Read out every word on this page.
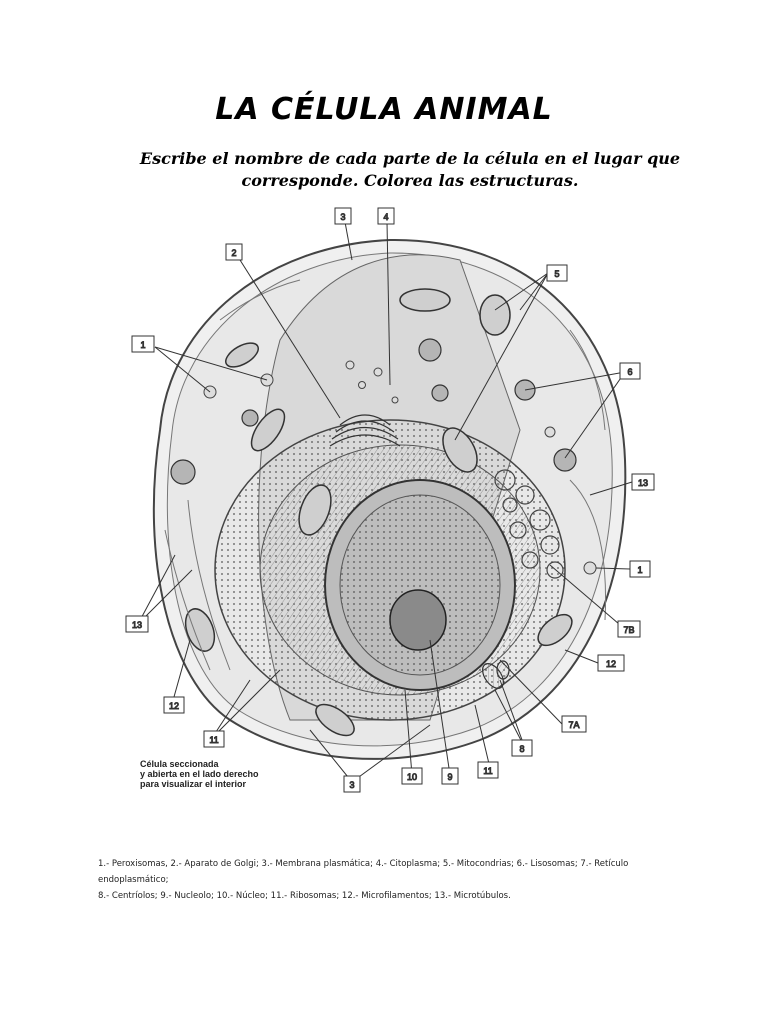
LA CÉLULA ANIMAL
Escribe el nombre de cada parte de la célula en el lugar que corresponde. Colorea las estructuras.
1
2
3	4
5
6
13
1
7B
12
8
7A
11
9
10
3
11
12
13
Célula seccionada
y abierta en el lado derecho
para visualizar el interior
1.- Peroxisomas, 2.- Aparato de Golgi; 3.- Membrana plasmática; 4.- Citoplasma; 5.- Mitocondrias; 6.- Lisosomas; 7.- Retículo endoplasmático;
8.- Centríolos; 9.- Nucleolo; 10.- Núcleo; 11.- Ribosomas; 12.- Microfilamentos; 13.- Microtúbulos.
